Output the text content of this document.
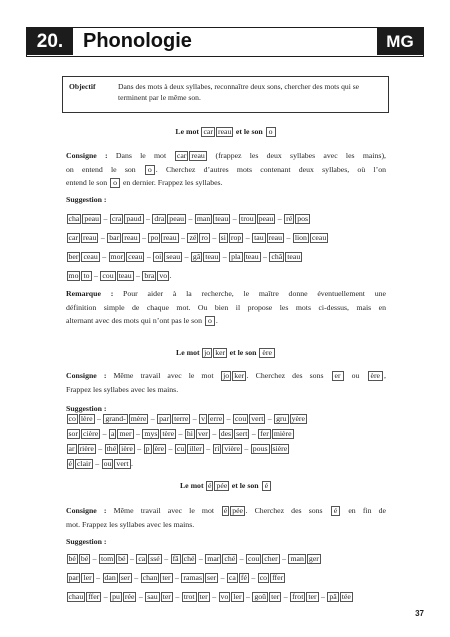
20. Phonologie	MG
Objectif	Dans des mots à deux syllabes, reconnaître deux sons, chercher des mots qui se terminent par le même son.
Le mot car reau et le son o
Consigne : Dans le mot car reau (frappez les deux syllabes avec les mains),
on entend le son o . Cherchez d’autres mots contenant deux syllabes, où l’on
entend le son o en dernier. Frappez les syllabes.
Suggestion :
cha peau – cra paud – dra peau – man teau – trou peau – ré pos
car reau – bar reau – po reau – zé ro – si rop – tau reau – lion ceau
ber ceau – mor ceau – oi seau – gâ teau – pla teau – châ teau
mo to – cou teau – bra vo .
Remarque : Pour aider à la recherche, le maître donne éventuellement une
définition simple de chaque mot. Ou bien il propose les mots ci-dessus, mais en
alternant avec des mots qui n’ont pas le son o .
Le mot jo ker et le son ère
Consigne : Même travail avec le mot jo ker . Cherchez des sons er ou ère ,
Frappez les syllabes avec les mains.
Suggestion :
co lère – grand- mère – par terre – v erre – cou vert – gru yère
sor cière – a mer – mys tère – hi ver – des sert – fer mière
ar rière – thé ière – p ère – cu iller – ri vière – pous sière
é clair – ou vert .
Le mot é pée et le son é
Consigne : Même travail avec le mot é pée . Cherchez des sons é en fin de
mot. Frappez les syllabes avec les mains.
Suggestion :
bé bé – tom bé – ca ssé – fâ ché – mar ché – cou cher – man ger
par ler – dan ser – chan ter – ramas ser – ca fé – co ffer
chau ffer – pu rée – sau ter – trot ter – vo ler – goû ter – frot ter – pâ tée
37
